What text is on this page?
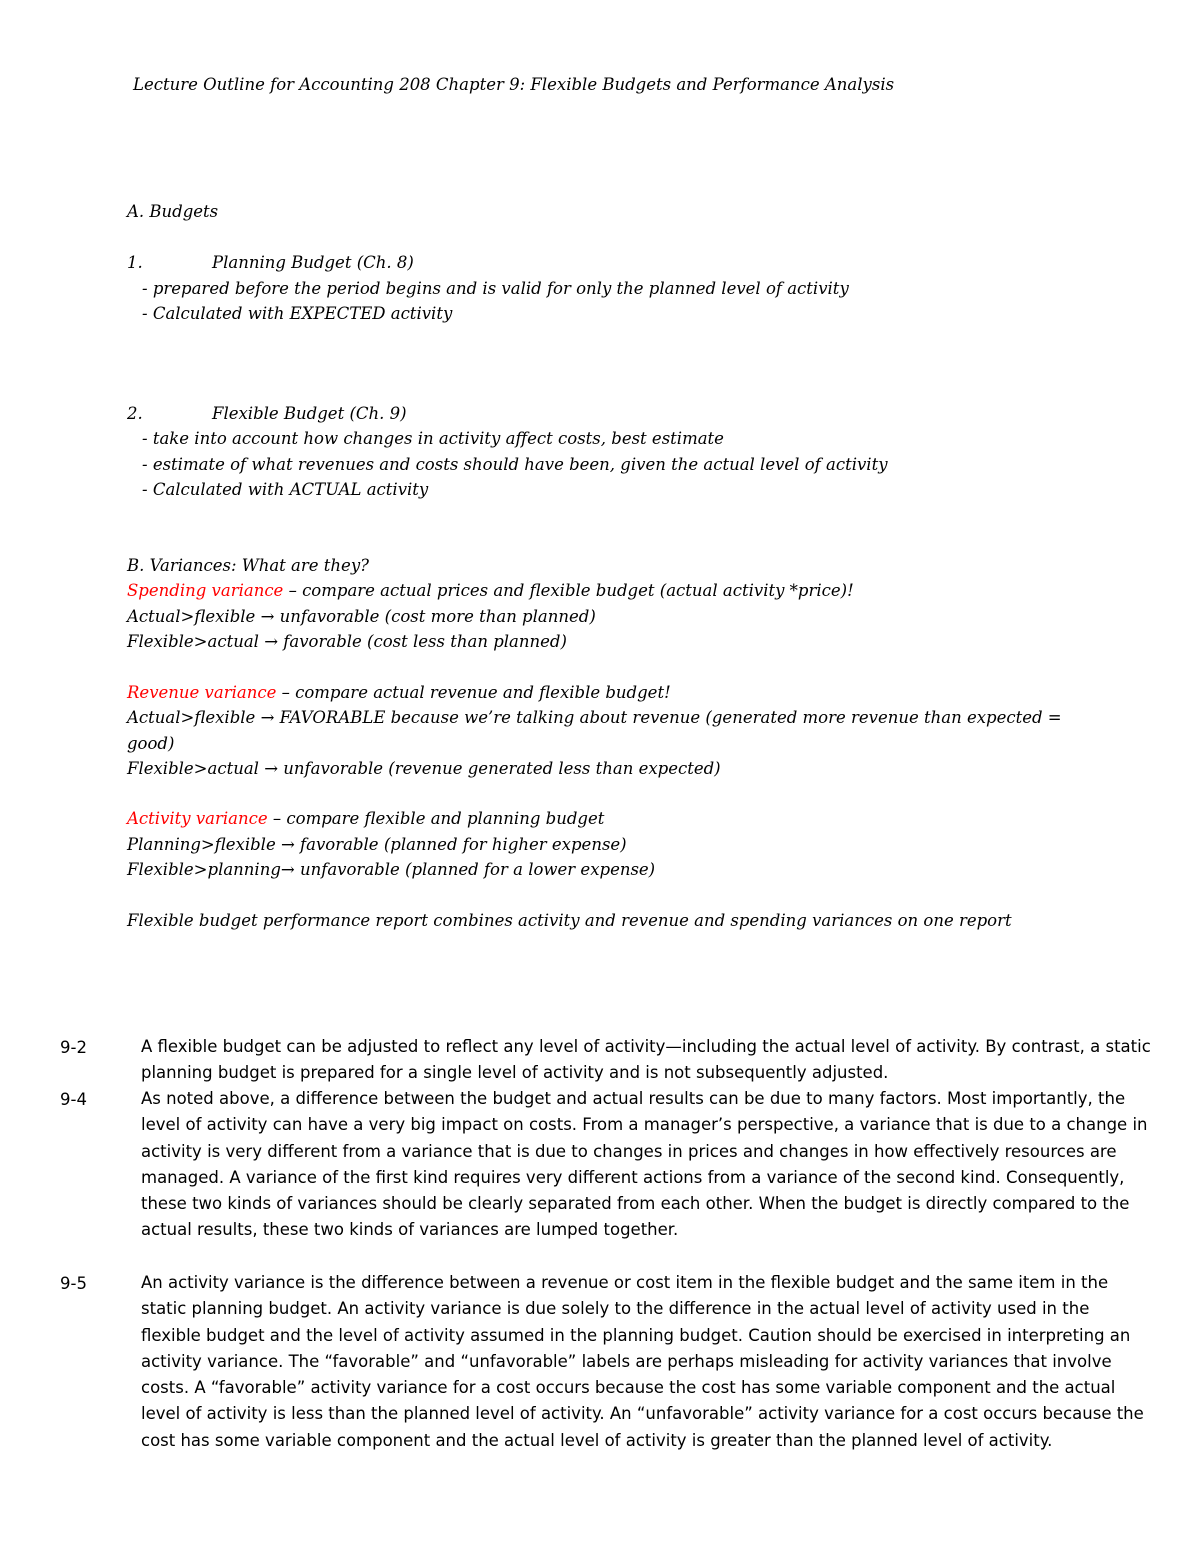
Lecture Outline for Accounting 208 Chapter 9: Flexible Budgets and Performance Analysis
A. Budgets
1.	Planning Budget (Ch. 8)
- prepared before the period begins and is valid for only the planned level of activity
- Calculated with EXPECTED activity
2.	Flexible Budget (Ch. 9)
- take into account how changes in activity affect costs, best estimate
- estimate of what revenues and costs should have been, given the actual level of activity
- Calculated with ACTUAL activity
B. Variances: What are they?
Spending variance – compare actual prices and flexible budget (actual activity *price)!
Actual>flexible → unfavorable (cost more than planned)
Flexible>actual → favorable (cost less than planned)
Revenue variance – compare actual revenue and flexible budget!
Actual>flexible → FAVORABLE because we’re talking about revenue (generated more revenue than expected =
good)
Flexible>actual → unfavorable (revenue generated less than expected)
Activity variance – compare flexible and planning budget
Planning>flexible → favorable (planned for higher expense)
Flexible>planning→ unfavorable (planned for a lower expense)
Flexible budget performance report combines activity and revenue and spending variances on one report
9-2	A flexible budget can be adjusted to reflect any level of activity—including the actual level of activity. By contrast, a static planning budget is prepared for a single level of activity and is not subsequently adjusted.
9-4	As noted above, a difference between the budget and actual results can be due to many factors. Most importantly, the level of activity can have a very big impact on costs. From a manager’s perspective, a variance that is due to a change in activity is very different from a variance that is due to changes in prices and changes in how effectively resources are managed. A variance of the first kind requires very different actions from a variance of the second kind. Consequently, these two kinds of variances should be clearly separated from each other. When the budget is directly compared to the actual results, these two kinds of variances are lumped together.
9-5	An activity variance is the difference between a revenue or cost item in the flexible budget and the same item in the static planning budget. An activity variance is due solely to the difference in the actual level of activity used in the flexible budget and the level of activity assumed in the planning budget. Caution should be exercised in interpreting an activity variance. The “favorable” and “unfavorable” labels are perhaps misleading for activity variances that involve costs. A “favorable” activity variance for a cost occurs because the cost has some variable component and the actual level of activity is less than the planned level of activity. An “unfavorable” activity variance for a cost occurs because the cost has some variable component and the actual level of activity is greater than the planned level of activity.
